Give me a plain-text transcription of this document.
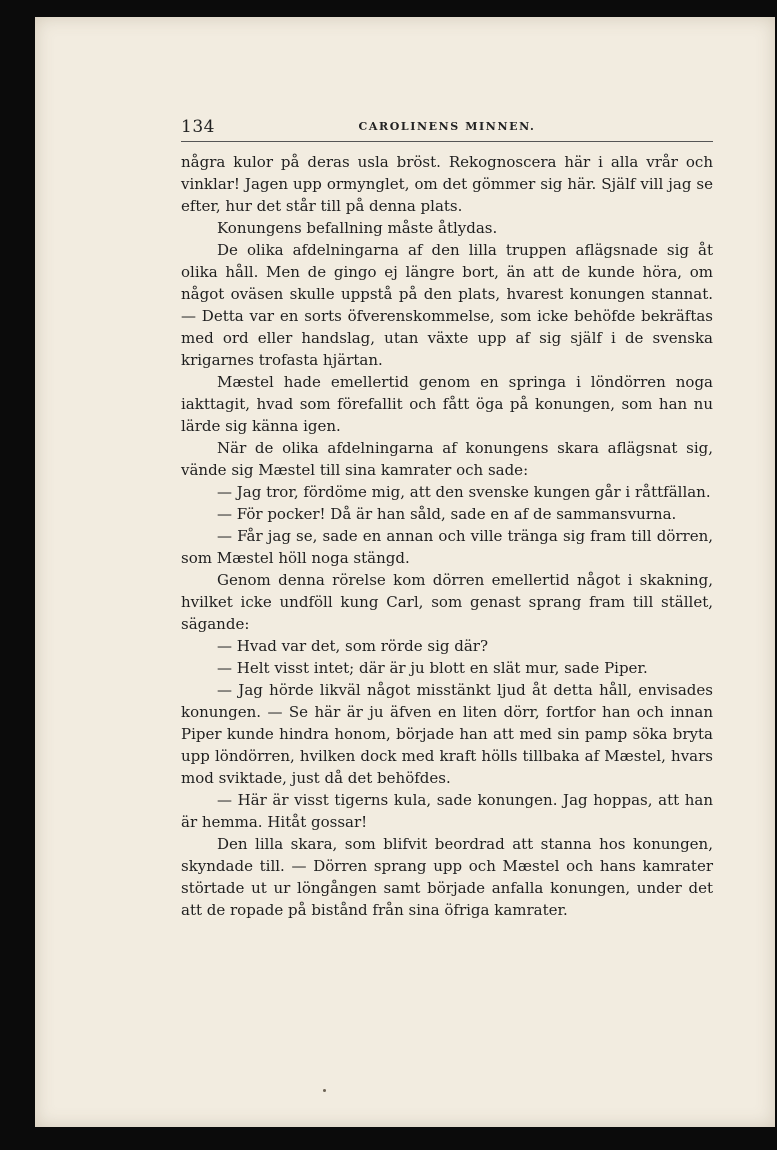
134	CAROLINENS MINNEN.

några kulor på deras usla bröst. Rekognoscera här i alla vrår och vinklar! Jagen upp ormynglet, om det gömmer sig här. Själf vill jag se efter, hur det står till på denna plats.

Konungens befallning måste åtlydas.

De olika afdelningarna af den lilla truppen aflägsnade sig åt olika håll. Men de gingo ej längre bort, än att de kunde höra, om något oväsen skulle uppstå på den plats, hvarest konungen stannat. — Detta var en sorts öfverenskommelse, som icke behöfde bekräftas med ord eller handslag, utan växte upp af sig själf i de svenska krigarnes trofasta hjärtan.

Mæstel hade emellertid genom en springa i löndörren noga iakttagit, hvad som förefallit och fått öga på konungen, som han nu lärde sig känna igen.

När de olika afdelningarna af konungens skara aflägsnat sig, vände sig Mæstel till sina kamrater och sade:

— Jag tror, fördöme mig, att den svenske kungen går i råttfällan.

— För pocker! Då är han såld, sade en af de sammansvurna.

— Får jag se, sade en annan och ville tränga sig fram till dörren, som Mæstel höll noga stängd.

Genom denna rörelse kom dörren emellertid något i skakning, hvilket icke undföll kung Carl, som genast sprang fram till stället, sägande:

— Hvad var det, som rörde sig där?

— Helt visst intet; där är ju blott en slät mur, sade Piper.

— Jag hörde likväl något misstänkt ljud åt detta håll, envisades konungen. — Se här är ju äfven en liten dörr, fortfor han och innan Piper kunde hindra honom, började han att med sin pamp söka bryta upp löndörren, hvilken dock med kraft hölls tillbaka af Mæstel, hvars mod sviktade, just då det behöfdes.

— Här är visst tigerns kula, sade konungen. Jag hoppas, att han är hemma. Hitåt gossar!

Den lilla skara, som blifvit beordrad att stanna hos konungen, skyndade till. — Dörren sprang upp och Mæstel och hans kamrater störtade ut ur löngången samt började anfalla konungen, under det att de ropade på bistånd från sina öfriga kamrater.
